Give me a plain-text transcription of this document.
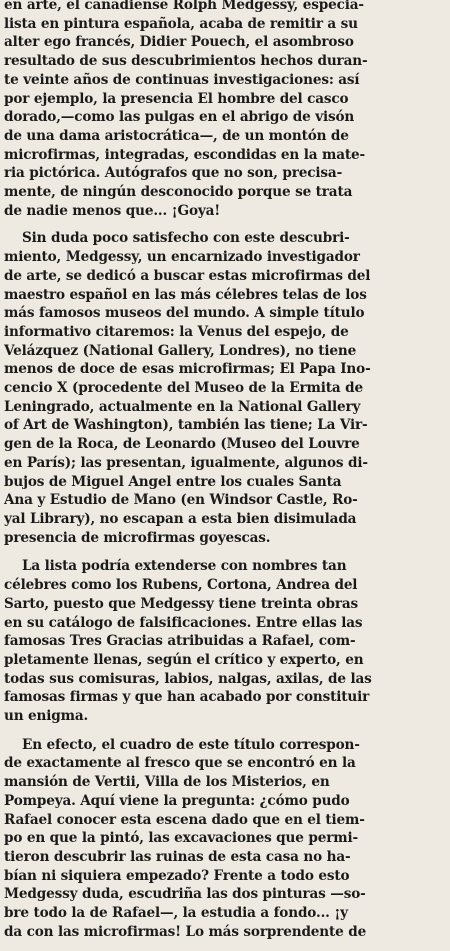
en arte, el canadiense Rolph Medgessy, especia-
lista en pintura española, acaba de remitir a su
alter ego francés, Didier Pouech, el asombroso
resultado de sus descubrimientos hechos duran-
te veinte años de continuas investigaciones: así
por ejemplo, la presencia El hombre del casco
dorado,—como las pulgas en el abrigo de visón
de una dama aristocrática—, de un montón de
microfirmas, integradas, escondidas en la mate-
ria pictórica. Autógrafos que no son, precisa-
mente, de ningún desconocido porque se trata
de nadie menos que... ¡Goya!

Sin duda poco satisfecho con este descubri-
miento, Medgessy, un encarnizado investigador
de arte, se dedicó a buscar estas microfirmas del
maestro español en las más célebres telas de los
más famosos museos del mundo. A simple título
informativo citaremos: la Venus del espejo, de
Velázquez (National Gallery, Londres), no tiene
menos de doce de esas microfirmas; El Papa Ino-
cencio X (procedente del Museo de la Ermita de
Leningrado, actualmente en la National Gallery
of Art de Washington), también las tiene; La Vir-
gen de la Roca, de Leonardo (Museo del Louvre
en París); las presentan, igualmente, algunos di-
bujos de Miguel Angel entre los cuales Santa
Ana y Estudio de Mano (en Windsor Castle, Ro-
yal Library), no escapan a esta bien disimulada
presencia de microfirmas goyescas.

La lista podría extenderse con nombres tan
célebres como los Rubens, Cortona, Andrea del
Sarto, puesto que Medgessy tiene treinta obras
en su catálogo de falsificaciones. Entre ellas las
famosas Tres Gracias atribuidas a Rafael, com-
pletamente llenas, según el crítico y experto, en
todas sus comisuras, labios, nalgas, axilas, de las
famosas firmas y que han acabado por constituir
un enigma.

En efecto, el cuadro de este título correspon-
de exactamente al fresco que se encontró en la
mansión de Vertii, Villa de los Misterios, en
Pompeya. Aquí viene la pregunta: ¿cómo pudo
Rafael conocer esta escena dado que en el tiem-
po en que la pintó, las excavaciones que permi-
tieron descubrir las ruinas de esta casa no ha-
bían ni siquiera empezado? Frente a todo esto
Medgessy duda, escudriña las dos pinturas —so-
bre todo la de Rafael—, la estudia a fondo... ¡y
da con las microfirmas! Lo más sorprendente de
